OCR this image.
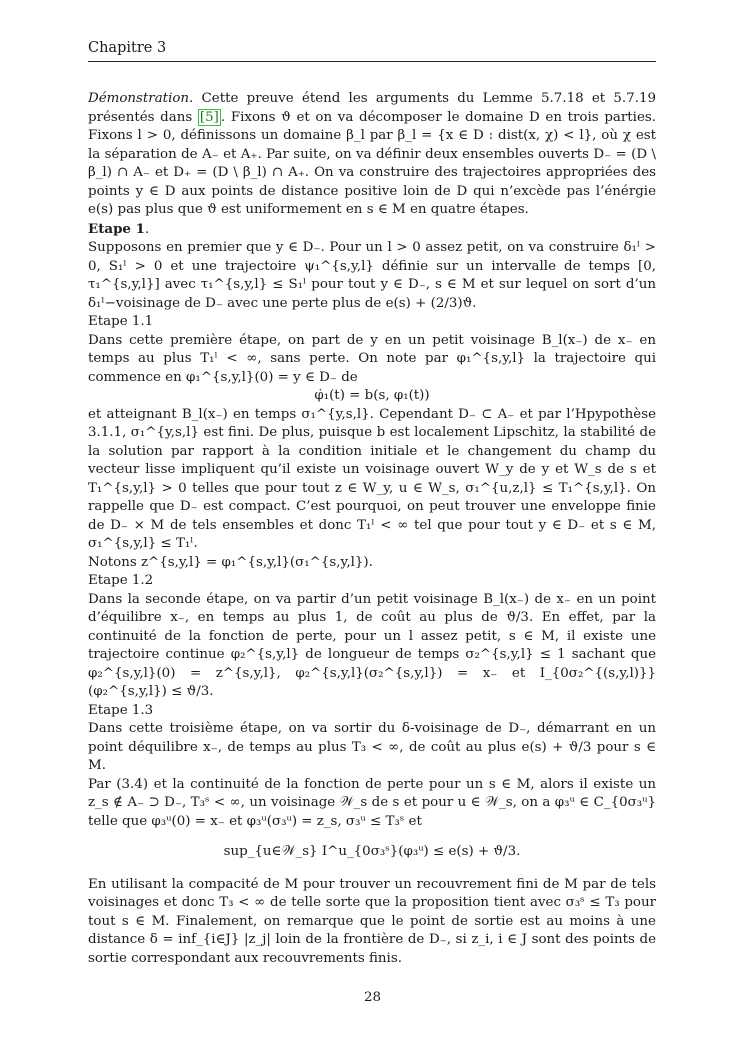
Chapitre 3

Démonstration. Cette preuve étend les arguments du Lemme 5.7.18 et 5.7.19 présentés dans [5] . Fixons ϑ et on va décomposer le domaine D en trois parties. Fixons l > 0, définissons un domaine β_l par β_l = {x ∈ D : dist(x, χ) < l}, où χ est la séparation de A₋ et A₊. Par suite, on va définir deux ensembles ouverts D₋ = (D \ β_l) ∩ A₋ et D₊ = (D \ β_l) ∩ A₊. On va construire des trajectoires appropriées des points y ∈ D aux points de distance positive loin de D qui n’excède pas l’énérgie e(s) pas plus que ϑ est uniformement en s ∈ M en quatre étapes.

Etape 1.

Supposons en premier que y ∈ D₋. Pour un l > 0 assez petit, on va construire δ₁ˡ > 0, S₁ˡ > 0 et une trajectoire ψ₁^{s,y,l} définie sur un intervalle de temps [0, τ₁^{s,y,l}] avec τ₁^{s,y,l} ≤ S₁ˡ pour tout y ∈ D₋, s ∈ M et sur lequel on sort d’un δ₁ˡ−voisinage de D₋ avec une perte plus de e(s) + (2/3)ϑ.

Etape 1.1

Dans cette première étape, on part de y en un petit voisinage B_l(x₋) de x₋ en temps au plus T₁ˡ < ∞, sans perte. On note par φ₁^{s,y,l} la trajectoire qui commence en φ₁^{s,y,l}(0) = y ∈ D₋ de

φ̇₁(t) = b(s, φ₁(t))

et atteignant B_l(x₋) en temps σ₁^{y,s,l}. Cependant D₋ ⊂ A₋ et par l’Hpypothèse 3.1.1, σ₁^{y,s,l} est fini. De plus, puisque b est localement Lipschitz, la stabilité de la solution par rapport à la condition initiale et le changement du champ du vecteur lisse impliquent qu’il existe un voisinage ouvert W_y de y et W_s de s et T₁^{s,y,l} > 0 telles que pour tout z ∈ W_y, u ∈ W_s, σ₁^{u,z,l} ≤ T₁^{s,y,l}. On rappelle que D₋ est compact. C’est pourquoi, on peut trouver une enveloppe finie de D₋ × M de tels ensembles et donc T₁ˡ < ∞ tel que pour tout y ∈ D₋ et s ∈ M, σ₁^{s,y,l} ≤ T₁ˡ.

Notons z^{s,y,l} = φ₁^{s,y,l}(σ₁^{s,y,l}).

Etape 1.2

Dans la seconde étape, on va partir d’un petit voisinage B_l(x₋) de x₋ en un point d’équilibre x₋, en temps au plus 1, de coût au plus de ϑ/3. En effet, par la continuité de la fonction de perte, pour un l assez petit, s ∈ M, il existe une trajectoire continue φ₂^{s,y,l} de longueur de temps σ₂^{s,y,l} ≤ 1 sachant que φ₂^{s,y,l}(0) = z^{s,y,l}, φ₂^{s,y,l}(σ₂^{s,y,l}) = x₋ et I_{0σ₂^{(s,y,l)}}(φ₂^{s,y,l}) ≤ ϑ/3.

Etape 1.3

Dans cette troisième étape, on va sortir du δ-voisinage de D₋, démarrant en un point déquilibre x₋, de temps au plus T₃ < ∞, de coût au plus e(s) + ϑ/3 pour s ∈ M.

Par (3.4) et la continuité de la fonction de perte pour un s ∈ M, alors il existe un z_s ∉ A₋ ⊃ D₋, T₃ˢ < ∞, un voisinage 𝒲_s de s et pour u ∈ 𝒲_s, on a φ₃ᵘ ∈ C_{0σ₃ᵘ} telle que φ₃ᵘ(0) = x₋ et φ₃ᵘ(σ₃ᵘ) = z_s, σ₃ᵘ ≤ T₃ˢ et

sup_{u∈𝒲_s} I^u_{0σ₃ˢ}(φ₃ᵘ) ≤ e(s) + ϑ/3.

En utilisant la compacité de M pour trouver un recouvrement fini de M par de tels voisinages et donc T₃ < ∞ de telle sorte que la proposition tient avec σ₃ˢ ≤ T₃ pour tout s ∈ M. Finalement, on remarque que le point de sortie est au moins à une distance δ = inf_{i∈J} |z_j| loin de la frontière de D₋, si z_i, i ∈ J sont des points de sortie correspondant aux recouvrements finis.

28
